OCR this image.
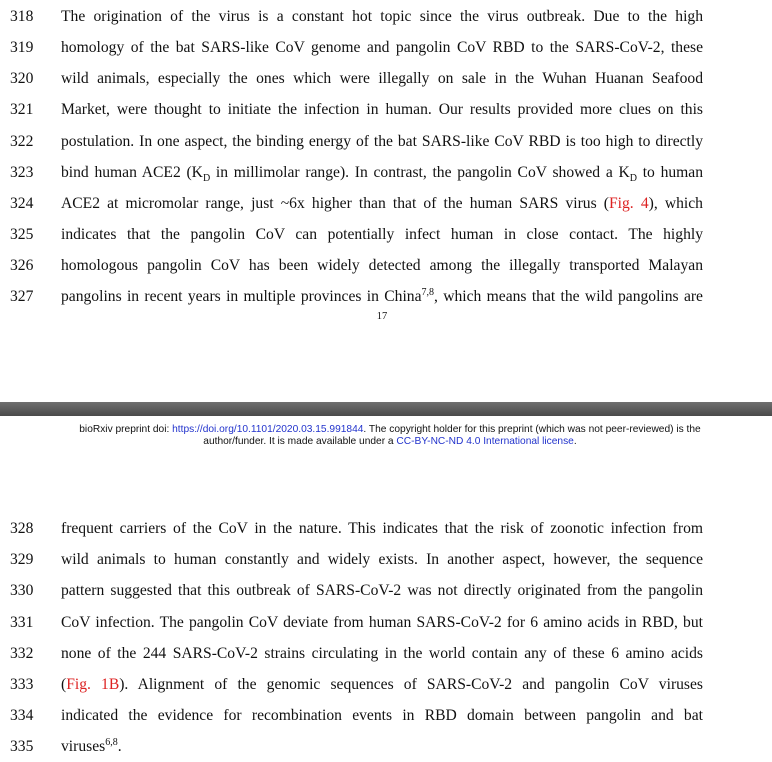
318	The origination of the virus is a constant hot topic since the virus outbreak. Due to the high
319	homology of the bat SARS-like CoV genome and pangolin CoV RBD to the SARS-CoV-2, these
320	wild animals, especially the ones which were illegally on sale in the Wuhan Huanan Seafood
321	Market, were thought to initiate the infection in human. Our results provided more clues on this
322	postulation. In one aspect, the binding energy of the bat SARS-like CoV RBD is too high to directly
323	bind human ACE2 ($K_D$ in millimolar range). In contrast, the pangolin CoV showed a $K_D$ to human
324	ACE2 at micromolar range, just ~6x higher than that of the human SARS virus (Fig. 4), which
325	indicates that the pangolin CoV can potentially infect human in close contact. The highly
326	homologous pangolin CoV has been widely detected among the illegally transported Malayan
327	pangolins in recent years in multiple provinces in China$^{7,8}$, which means that the wild pangolins are
17
bioRxiv preprint doi: https://doi.org/10.1101/2020.03.15.991844. The copyright holder for this preprint (which was not peer-reviewed) is the
author/funder. It is made available under a CC-BY-NC-ND 4.0 International license.
328	frequent carriers of the CoV in the nature. This indicates that the risk of zoonotic infection from
329	wild animals to human constantly and widely exists. In another aspect, however, the sequence
330	pattern suggested that this outbreak of SARS-CoV-2 was not directly originated from the pangolin
331	CoV infection. The pangolin CoV deviate from human SARS-CoV-2 for 6 amino acids in RBD, but
332	none of the 244 SARS-CoV-2 strains circulating in the world contain any of these 6 amino acids
333	(Fig. 1B). Alignment of the genomic sequences of SARS-CoV-2 and pangolin CoV viruses
334	indicated the evidence for recombination events in RBD domain between pangolin and bat
335	viruses$^{6,8}$.
